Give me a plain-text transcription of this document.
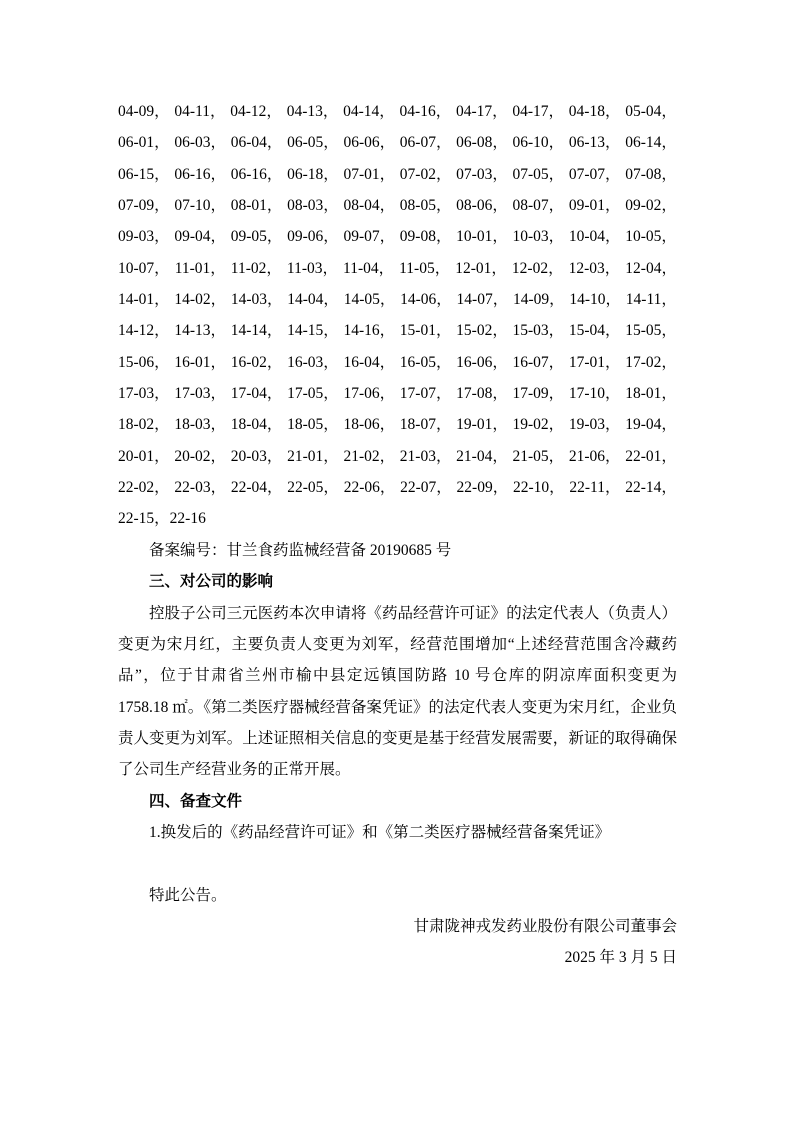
04-09， 04-11， 04-12， 04-13， 04-14， 04-16， 04-17， 04-17， 04-18， 05-04，
06-01， 06-03， 06-04， 06-05， 06-06， 06-07， 06-08， 06-10， 06-13， 06-14，
06-15， 06-16， 06-16， 06-18， 07-01， 07-02， 07-03， 07-05， 07-07， 07-08，
07-09， 07-10， 08-01， 08-03， 08-04， 08-05， 08-06， 08-07， 09-01， 09-02，
09-03， 09-04， 09-05， 09-06， 09-07， 09-08， 10-01， 10-03， 10-04， 10-05，
10-07， 11-01， 11-02， 11-03， 11-04， 11-05， 12-01， 12-02， 12-03， 12-04，
14-01， 14-02， 14-03， 14-04， 14-05， 14-06， 14-07， 14-09， 14-10， 14-11，
14-12， 14-13， 14-14， 14-15， 14-16， 15-01， 15-02， 15-03， 15-04， 15-05，
15-06， 16-01， 16-02， 16-03， 16-04， 16-05， 16-06， 16-07， 17-01， 17-02，
17-03， 17-03， 17-04， 17-05， 17-06， 17-07， 17-08， 17-09， 17-10， 18-01，
18-02， 18-03， 18-04， 18-05， 18-06， 18-07， 19-01， 19-02， 19-03， 19-04，
20-01， 20-02， 20-03， 21-01， 21-02， 21-03， 21-04， 21-05， 21-06， 22-01，
22-02， 22-03， 22-04， 22-05， 22-06， 22-07， 22-09， 22-10， 22-11， 22-14，
22-15，22-16

备案编号：甘兰食药监械经营备 20190685 号

三、对公司的影响

控股子公司三元医药本次申请将《药品经营许可证》的法定代表人（负责人）变更为宋月红，主要负责人变更为刘军，经营范围增加“上述经营范围含冷藏药品”，位于甘肃省兰州市榆中县定远镇国防路 10 号仓库的阴凉库面积变更为 1758.18 ㎡。《第二类医疗器械经营备案凭证》的法定代表人变更为宋月红，企业负责人变更为刘军。上述证照相关信息的变更是基于经营发展需要，新证的取得确保了公司生产经营业务的正常开展。

四、备查文件

1.换发后的《药品经营许可证》和《第二类医疗器械经营备案凭证》

特此公告。

甘肃陇神戎发药业股份有限公司董事会

2025 年 3 月 5 日
